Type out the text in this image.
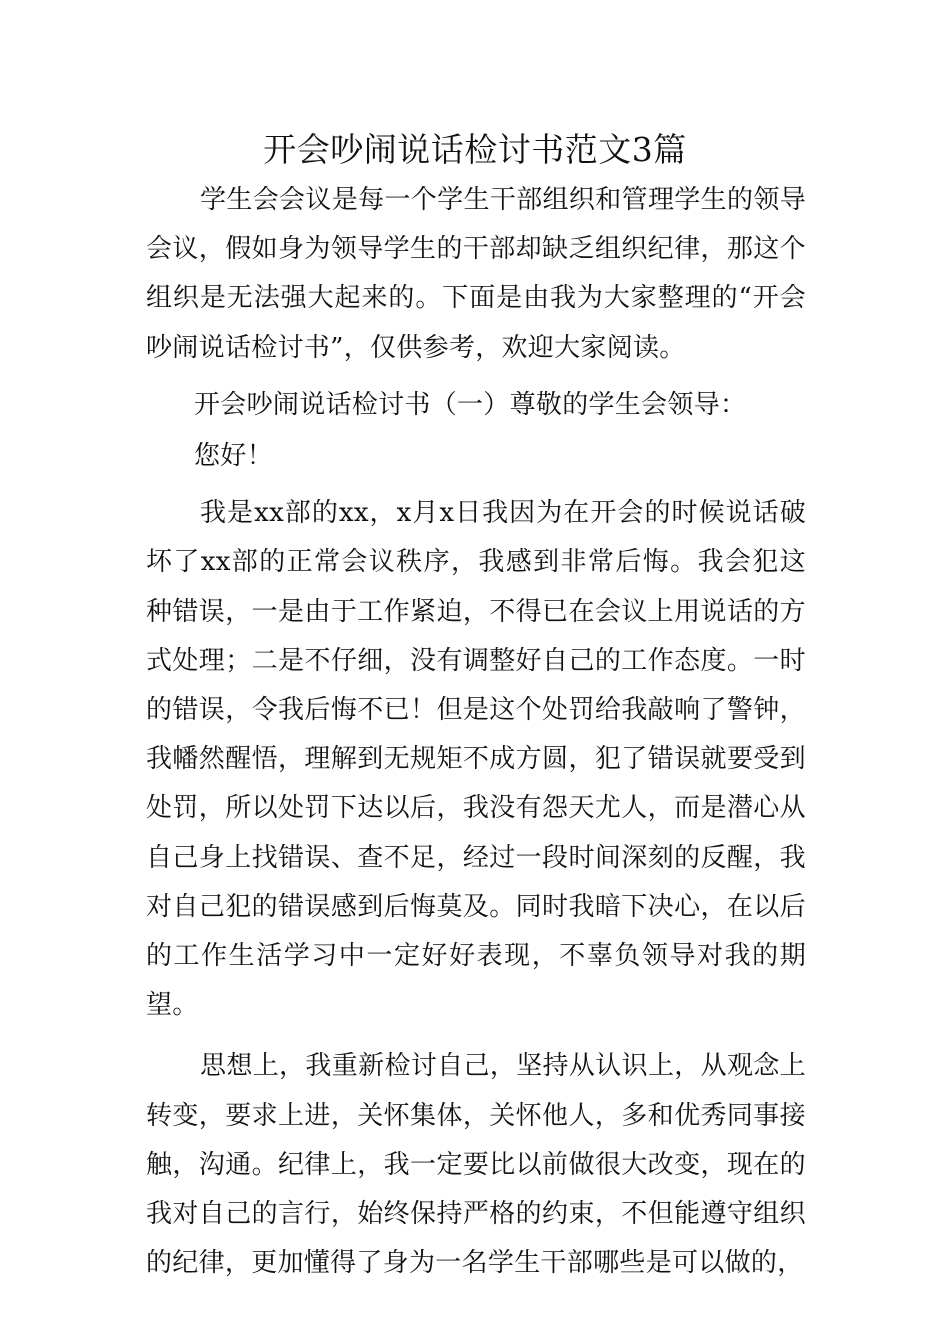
开会吵闹说话检讨书范文3篇

学生会会议是每一个学生干部组织和管理学生的领导会议，假如身为领导学生的干部却缺乏组织纪律，那这个组织是无法强大起来的。下面是由我为大家整理的“开会吵闹说话检讨书”，仅供参考，欢迎大家阅读。

开会吵闹说话检讨书（一）尊敬的学生会领导：

您好！

我是xx部的xx，x月x日我因为在开会的时候说话破坏了xx部的正常会议秩序，我感到非常后悔。我会犯这种错误，一是由于工作紧迫，不得已在会议上用说话的方式处理；二是不仔细，没有调整好自己的工作态度。一时的错误，令我后悔不已！但是这个处罚给我敲响了警钟，我幡然醒悟，理解到无规矩不成方圆，犯了错误就要受到处罚，所以处罚下达以后，我没有怨天尤人，而是潜心从自己身上找错误、查不足，经过一段时间深刻的反醒，我对自己犯的错误感到后悔莫及。同时我暗下决心，在以后的工作生活学习中一定好好表现，不辜负领导对我的期望。

思想上，我重新检讨自己，坚持从认识上，从观念上转变，要求上进，关怀集体，关怀他人，多和优秀同事接触，沟通。纪律上，我一定要比以前做很大改变，现在的我对自己的言行，始终保持严格的约束，不但能遵守组织的纪律，更加懂得了身为一名学生干部哪些是可以做的，
